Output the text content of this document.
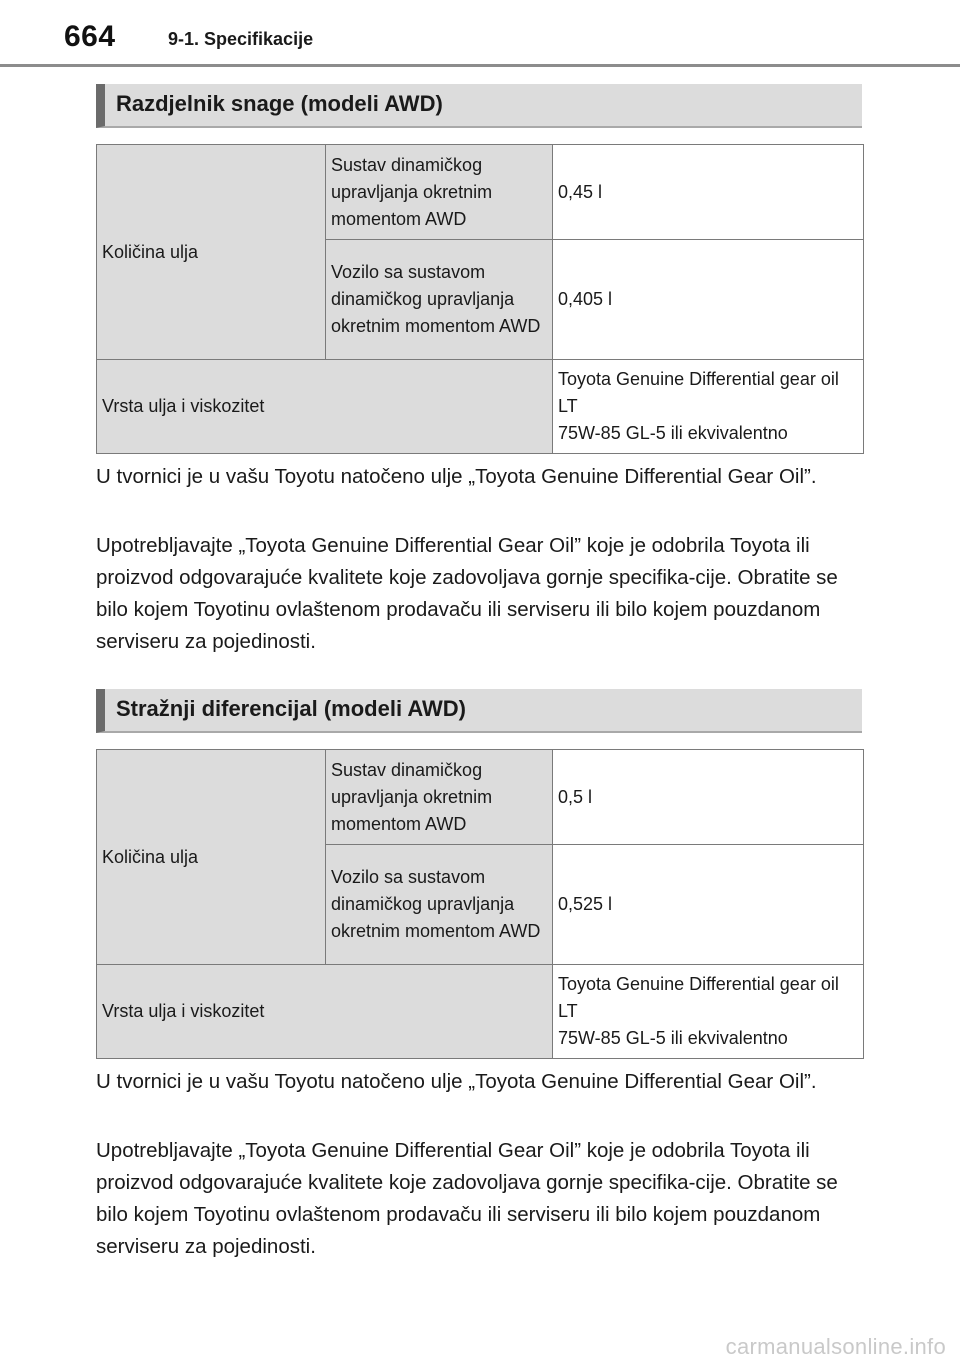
664	9-1. Specifikacije
Razdjelnik snage (modeli AWD)
Količina ulja	Sustav dinamičkog upravljanja okretnim momentom AWD	0,45 l
	Vozilo sa sustavom dinamičkog upravljanja okretnim momentom AWD	0,405 l
Vrsta ulja i viskozitet		Toyota Genuine Differential gear oil LT
75W-85 GL-5 ili ekvivalentno

U tvornici je u vašu Toyotu natočeno ulje „Toyota Genuine Differential Gear Oil”.

Upotrebljavajte „Toyota Genuine Differential Gear Oil” koje je odobrila Toyota ili proizvod odgovarajuće kvalitete koje zadovoljava gornje specifika-cije. Obratite se bilo kojem Toyotinu ovlaštenom prodavaču ili serviseru ili bilo kojem pouzdanom serviseru za pojedinosti.

Stražnji diferencijal (modeli AWD)
Količina ulja	Sustav dinamičkog upravljanja okretnim momentom AWD	0,5 l
	Vozilo sa sustavom dinamičkog upravljanja okretnim momentom AWD	0,525 l
Vrsta ulja i viskozitet		Toyota Genuine Differential gear oil LT
75W-85 GL-5 ili ekvivalentno

U tvornici je u vašu Toyotu natočeno ulje „Toyota Genuine Differential Gear Oil”.

Upotrebljavajte „Toyota Genuine Differential Gear Oil” koje je odobrila Toyota ili proizvod odgovarajuće kvalitete koje zadovoljava gornje specifika-cije. Obratite se bilo kojem Toyotinu ovlaštenom prodavaču ili serviseru ili bilo kojem pouzdanom serviseru za pojedinosti.

carmanualsonline.info
